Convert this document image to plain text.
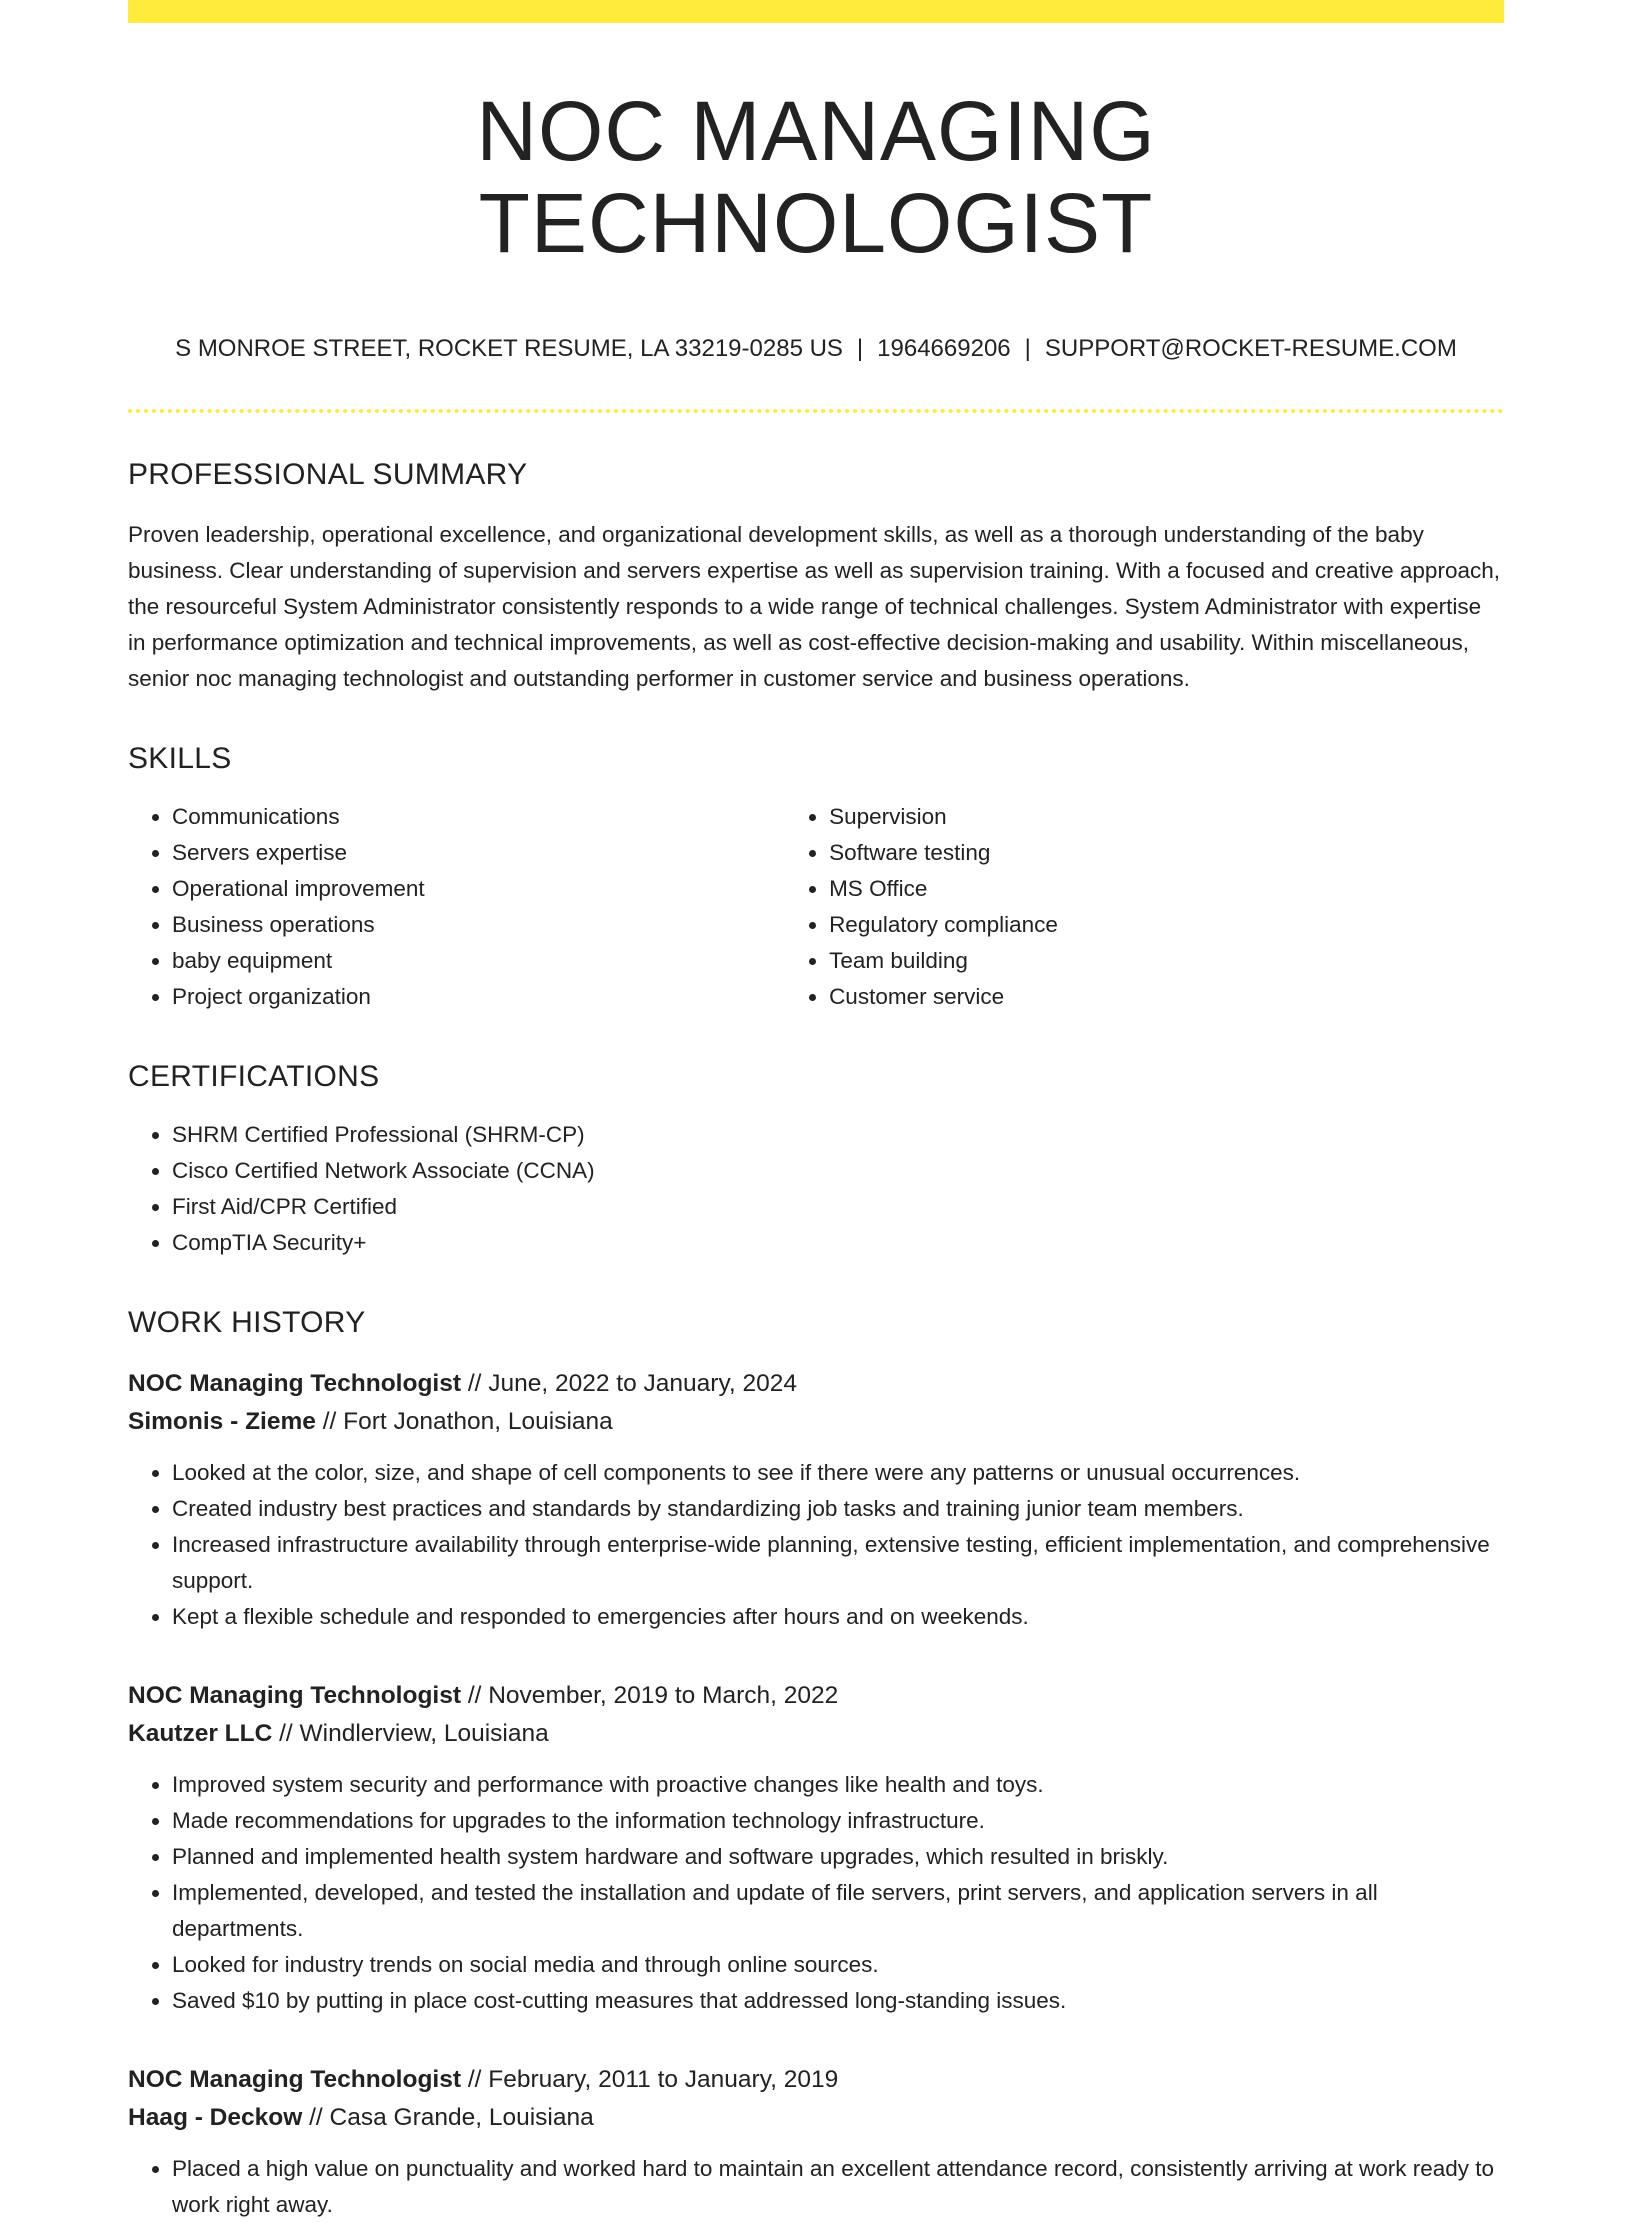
NOC MANAGING TECHNOLOGIST
S MONROE STREET, ROCKET RESUME, LA 33219-0285 US | 1964669206 | SUPPORT@ROCKET-RESUME.COM
PROFESSIONAL SUMMARY

Proven leadership, operational excellence, and organizational development skills, as well as a thorough understanding of the baby business. Clear understanding of supervision and servers expertise as well as supervision training. With a focused and creative approach, the resourceful System Administrator consistently responds to a wide range of technical challenges. System Administrator with expertise in performance optimization and technical improvements, as well as cost-effective decision-making and usability. Within miscellaneous, senior noc managing technologist and outstanding performer in customer service and business operations.

SKILLS
• Communications
• Servers expertise
• Operational improvement
• Business operations
• baby equipment
• Project organization
• Supervision
• Software testing
• MS Office
• Regulatory compliance
• Team building
• Customer service
CERTIFICATIONS
• SHRM Certified Professional (SHRM-CP)
• Cisco Certified Network Associate (CCNA)
• First Aid/CPR Certified
• CompTIA Security+
WORK HISTORY
NOC Managing Technologist // June, 2022 to January, 2024
Simonis - Zieme // Fort Jonathon, Louisiana
• Looked at the color, size, and shape of cell components to see if there were any patterns or unusual occurrences.
• Created industry best practices and standards by standardizing job tasks and training junior team members.
• Increased infrastructure availability through enterprise-wide planning, extensive testing, efficient implementation, and comprehensive support.
• Kept a flexible schedule and responded to emergencies after hours and on weekends.
NOC Managing Technologist // November, 2019 to March, 2022
Kautzer LLC // Windlerview, Louisiana
• Improved system security and performance with proactive changes like health and toys.
• Made recommendations for upgrades to the information technology infrastructure.
• Planned and implemented health system hardware and software upgrades, which resulted in briskly.
• Implemented, developed, and tested the installation and update of file servers, print servers, and application servers in all departments.
• Looked for industry trends on social media and through online sources.
• Saved $10 by putting in place cost-cutting measures that addressed long-standing issues.
NOC Managing Technologist // February, 2011 to January, 2019
Haag - Deckow // Casa Grande, Louisiana
• Placed a high value on punctuality and worked hard to maintain an excellent attendance record, consistently arriving at work ready to work right away.
